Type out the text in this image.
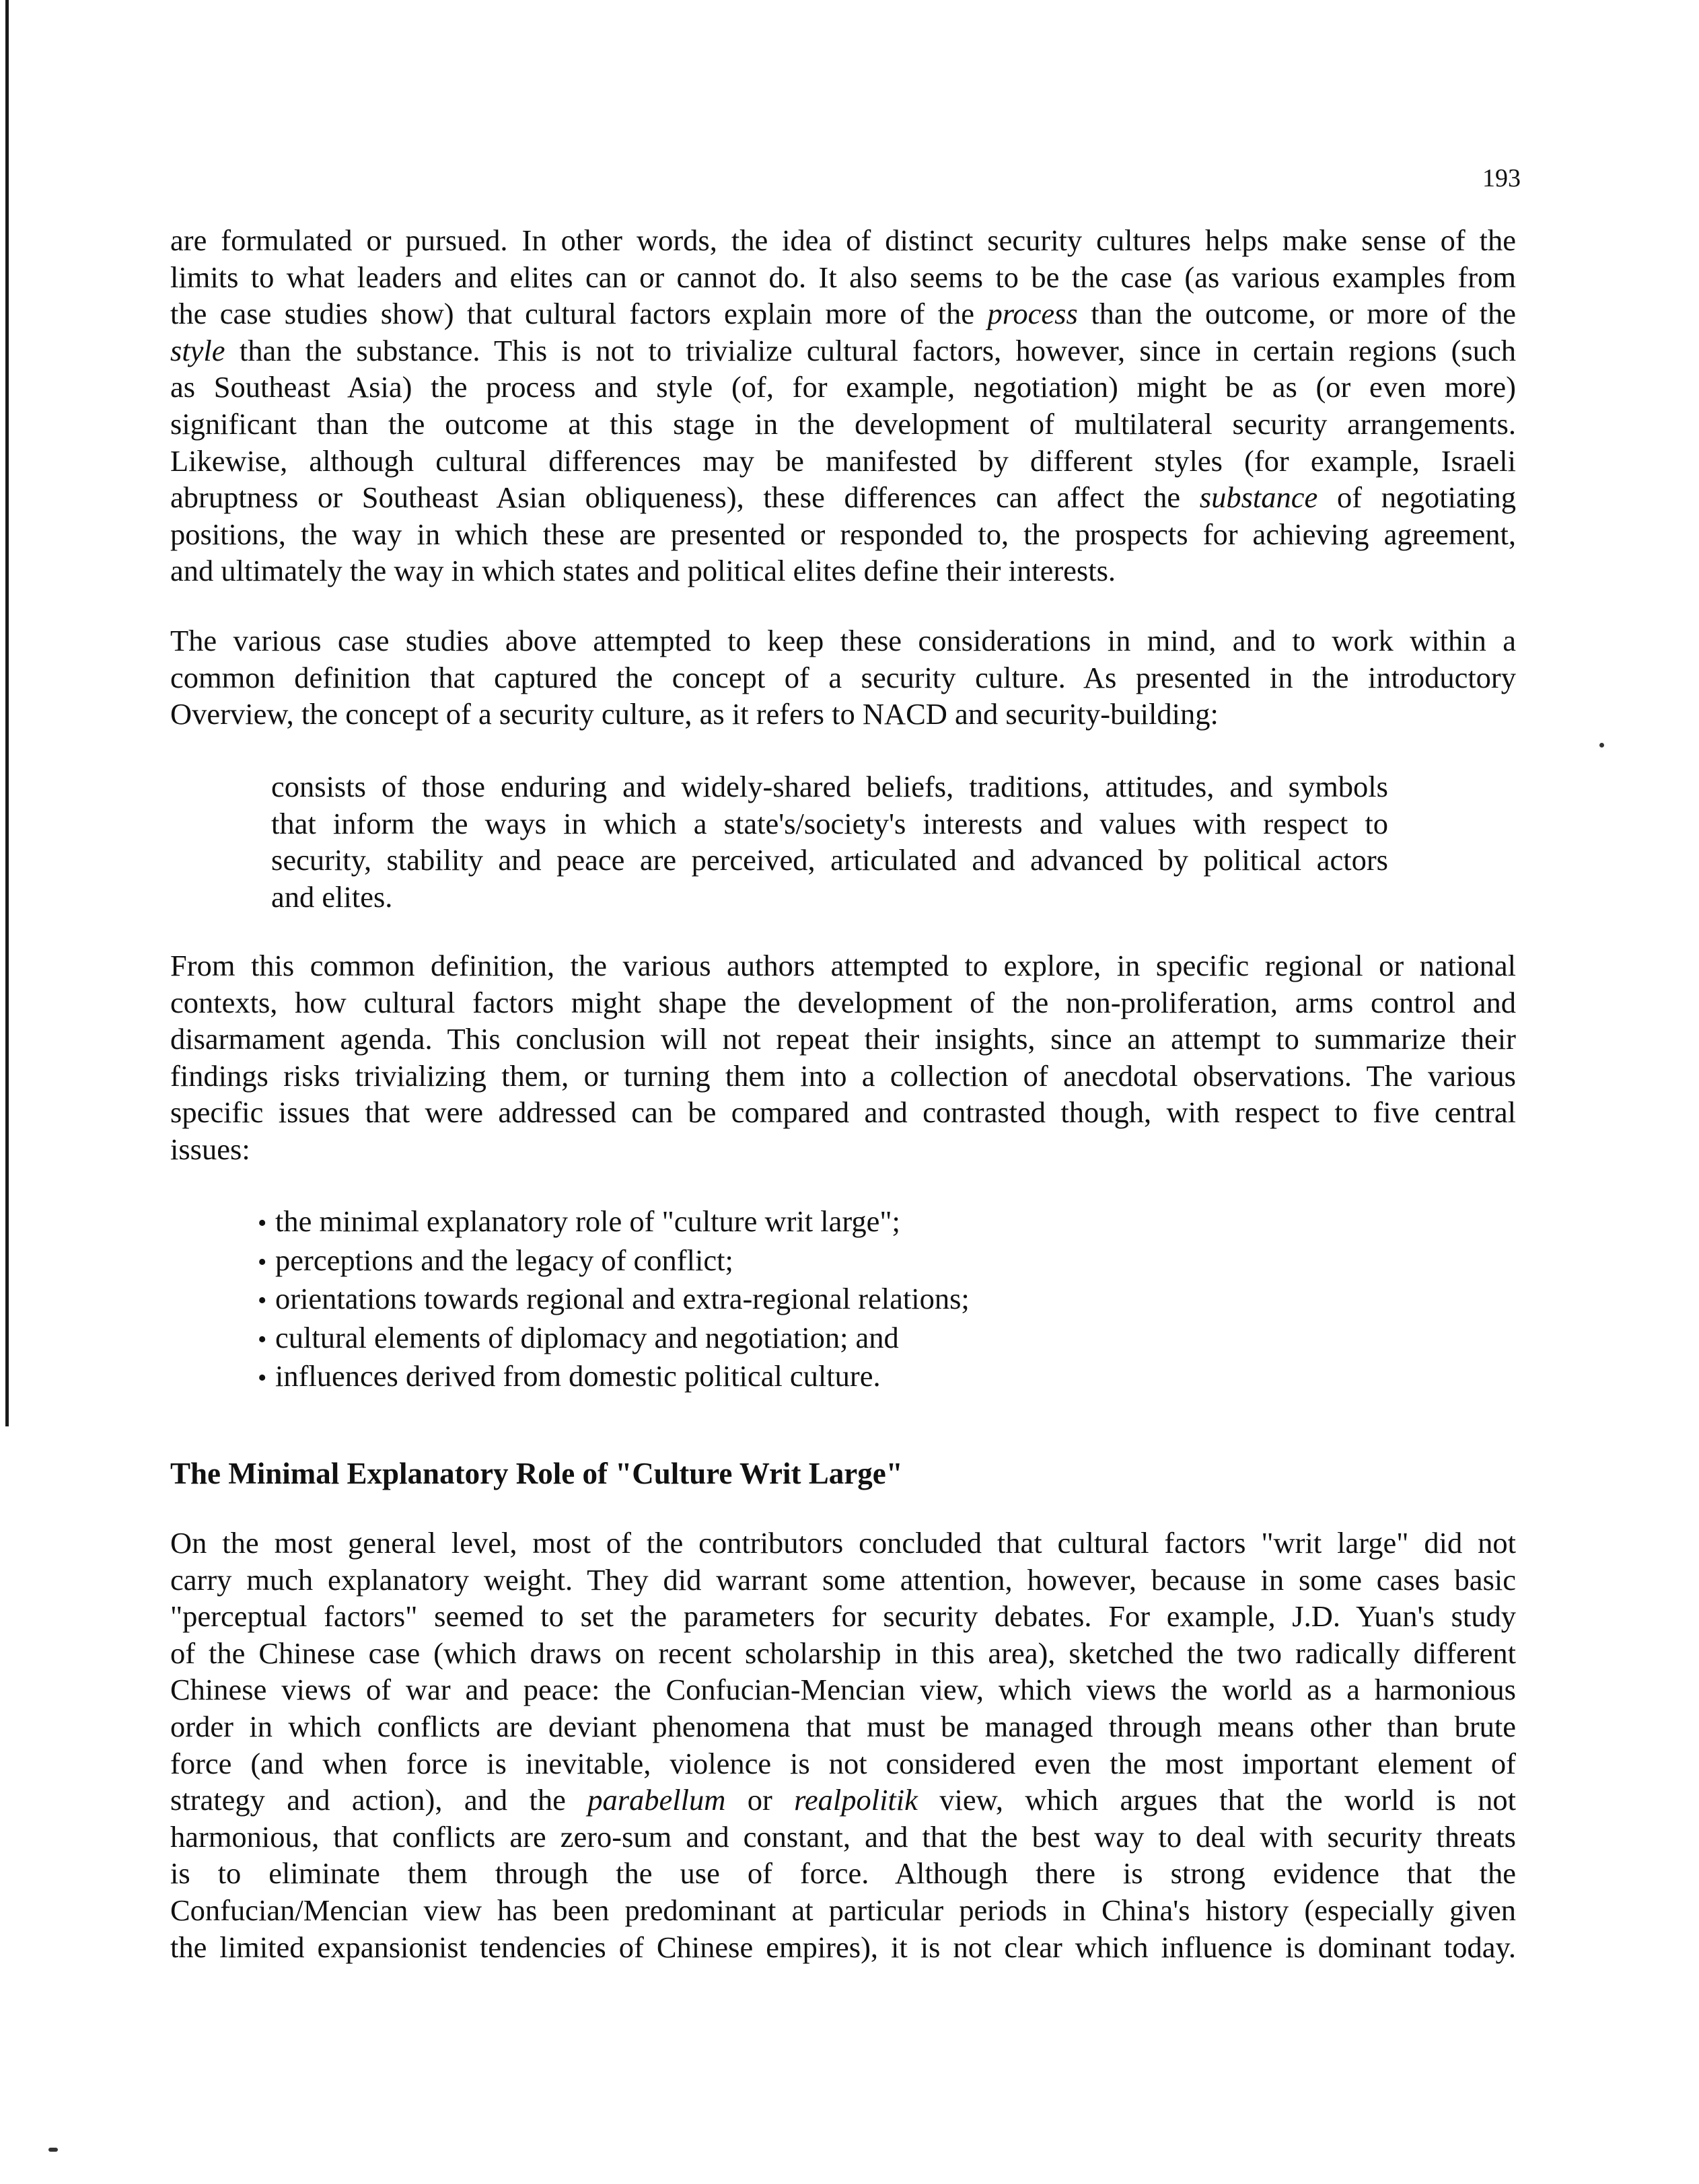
193

are formulated or pursued. In other words, the idea of distinct security cultures helps make sense of the
limits to what leaders and elites can or cannot do. It also seems to be the case (as various examples from
the case studies show) that cultural factors explain more of the process than the outcome, or more of the
style than the substance. This is not to trivialize cultural factors, however, since in certain regions (such
as Southeast Asia) the process and style (of, for example, negotiation) might be as (or even more)
significant than the outcome at this stage in the development of multilateral security arrangements.
Likewise, although cultural differences may be manifested by different styles (for example, Israeli
abruptness or Southeast Asian obliqueness), these differences can affect the substance of negotiating
positions, the way in which these are presented or responded to, the prospects for achieving agreement,
and ultimately the way in which states and political elites define their interests.

The various case studies above attempted to keep these considerations in mind, and to work within a
common definition that captured the concept of a security culture. As presented in the introductory
Overview, the concept of a security culture, as it refers to NACD and security-building:

consists of those enduring and widely-shared beliefs, traditions, attitudes, and symbols
that inform the ways in which a state's/society's interests and values with respect to
security, stability and peace are perceived, articulated and advanced by political actors
and elites.

From this common definition, the various authors attempted to explore, in specific regional or national
contexts, how cultural factors might shape the development of the non-proliferation, arms control and
disarmament agenda. This conclusion will not repeat their insights, since an attempt to summarize their
findings risks trivializing them, or turning them into a collection of anecdotal observations. The various
specific issues that were addressed can be compared and contrasted though, with respect to five central
issues:

• the minimal explanatory role of "culture writ large";
• perceptions and the legacy of conflict;
• orientations towards regional and extra-regional relations;
• cultural elements of diplomacy and negotiation; and
• influences derived from domestic political culture.
The Minimal Explanatory Role of "Culture Writ Large"

On the most general level, most of the contributors concluded that cultural factors "writ large" did not
carry much explanatory weight. They did warrant some attention, however, because in some cases basic
"perceptual factors" seemed to set the parameters for security debates. For example, J.D. Yuan's study
of the Chinese case (which draws on recent scholarship in this area), sketched the two radically different
Chinese views of war and peace: the Confucian-Mencian view, which views the world as a harmonious
order in which conflicts are deviant phenomena that must be managed through means other than brute
force (and when force is inevitable, violence is not considered even the most important element of
strategy and action), and the parabellum or realpolitik view, which argues that the world is not
harmonious, that conflicts are zero-sum and constant, and that the best way to deal with security threats
is to eliminate them through the use of force. Although there is strong evidence that the
Confucian/Mencian view has been predominant at particular periods in China's history (especially given
the limited expansionist tendencies of Chinese empires), it is not clear which influence is dominant today.
